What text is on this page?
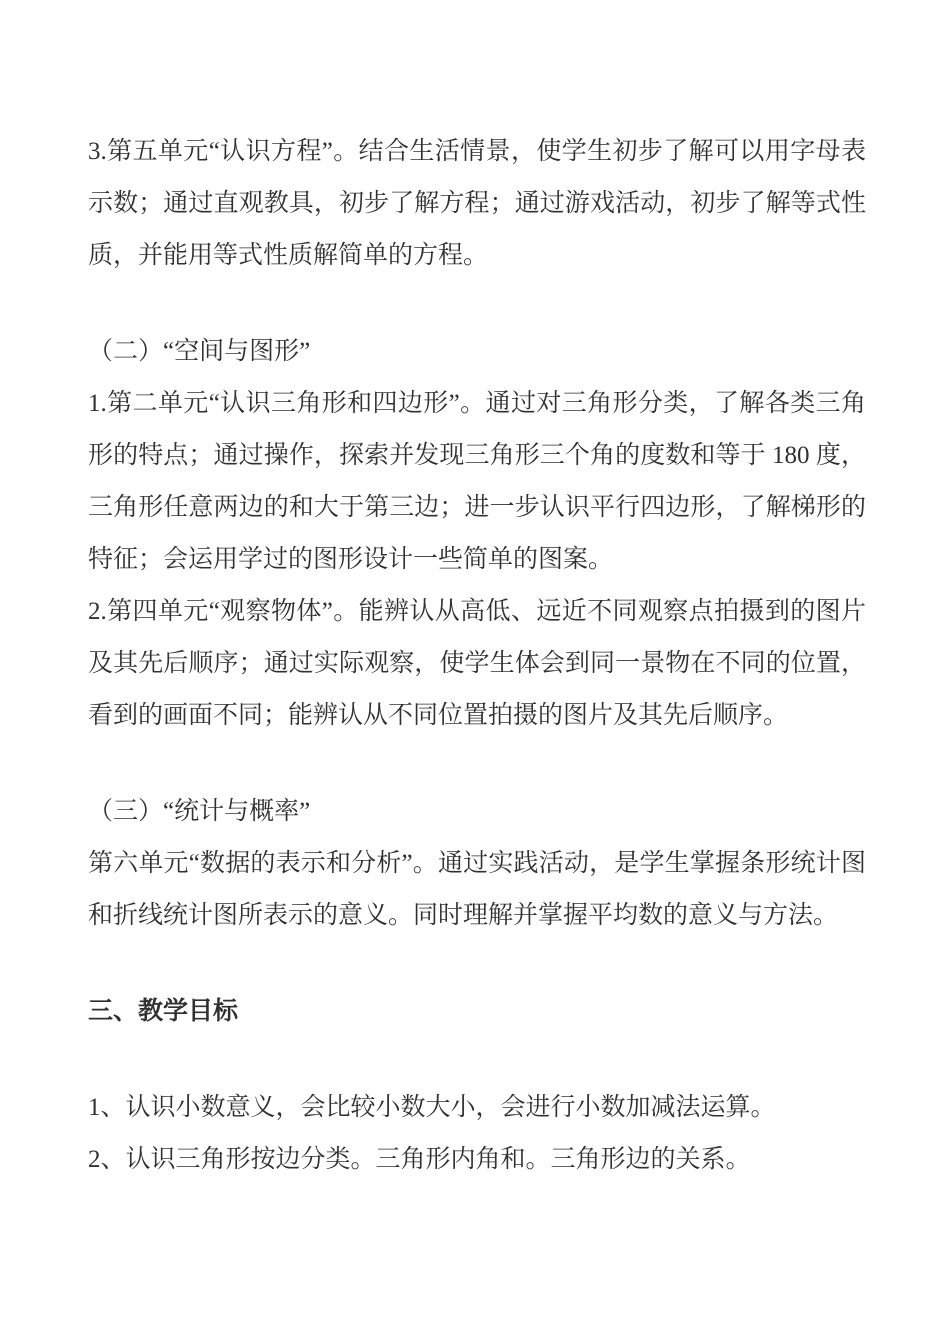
3.第五单元“认识方程”。结合生活情景，使学生初步了解可以用字母表示数；通过直观教具，初步了解方程；通过游戏活动，初步了解等式性质，并能用等式性质解简单的方程。

（二）“空间与图形”

1.第二单元“认识三角形和四边形”。通过对三角形分类，了解各类三角形的特点；通过操作，探索并发现三角形三个角的度数和等于 180 度，三角形任意两边的和大于第三边；进一步认识平行四边形，了解梯形的特征；会运用学过的图形设计一些简单的图案。

2.第四单元“观察物体”。能辨认从高低、远近不同观察点拍摄到的图片及其先后顺序；通过实际观察，使学生体会到同一景物在不同的位置，看到的画面不同；能辨认从不同位置拍摄的图片及其先后顺序。

（三）“统计与概率”

第六单元“数据的表示和分析”。通过实践活动，是学生掌握条形统计图和折线统计图所表示的意义。同时理解并掌握平均数的意义与方法。

三、教学目标

1、认识小数意义，会比较小数大小，会进行小数加减法运算。

2、认识三角形按边分类。三角形内角和。三角形边的关系。
